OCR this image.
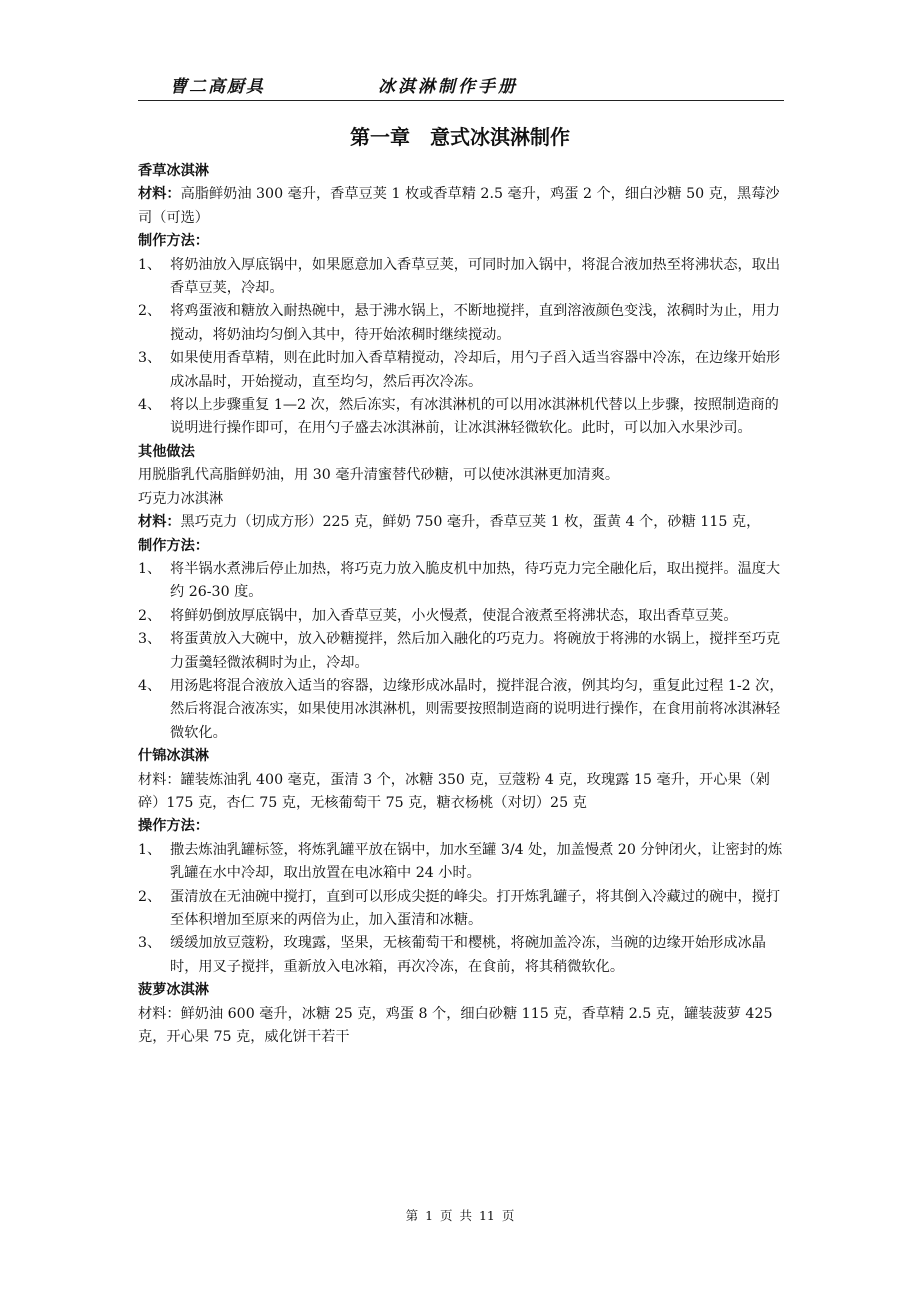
曹二高厨具	冰淇淋制作手册
第一章　意式冰淇淋制作

香草冰淇淋

材料：高脂鲜奶油 300 毫升，香草豆荚 1 枚或香草精 2.5 毫升，鸡蛋 2 个，细白沙糖 50 克，黑莓沙司（可选）

制作方法：

1、 将奶油放入厚底锅中，如果愿意加入香草豆荚，可同时加入锅中，将混合液加热至将沸状态，取出香草豆荚，冷却。
2、 将鸡蛋液和糖放入耐热碗中，悬于沸水锅上，不断地搅拌，直到溶液颜色变浅，浓稠时为止，用力搅动，将奶油均匀倒入其中，待开始浓稠时继续搅动。
3、 如果使用香草精，则在此时加入香草精搅动，冷却后，用勺子舀入适当容器中冷冻，在边缘开始形成冰晶时，开始搅动，直至均匀，然后再次冷冻。
4、 将以上步骤重复 1—2 次，然后冻实，有冰淇淋机的可以用冰淇淋机代替以上步骤，按照制造商的说明进行操作即可，在用勺子盛去冰淇淋前，让冰淇淋轻微软化。此时，可以加入水果沙司。

其他做法

用脱脂乳代高脂鲜奶油，用 30 毫升清蜜替代砂糖，可以使冰淇淋更加清爽。

巧克力冰淇淋

材料：黑巧克力（切成方形）225 克，鲜奶 750 毫升，香草豆荚 1 枚，蛋黄 4 个，砂糖 115 克，

制作方法：

1、 将半锅水煮沸后停止加热，将巧克力放入脆皮机中加热，待巧克力完全融化后，取出搅拌。温度大约 26-30 度。
2、 将鲜奶倒放厚底锅中，加入香草豆荚，小火慢煮，使混合液煮至将沸状态，取出香草豆荚。
3、 将蛋黄放入大碗中，放入砂糖搅拌，然后加入融化的巧克力。将碗放于将沸的水锅上，搅拌至巧克力蛋羹轻微浓稠时为止，冷却。
4、 用汤匙将混合液放入适当的容器，边缘形成冰晶时，搅拌混合液，例其均匀，重复此过程 1-2 次，然后将混合液冻实，如果使用冰淇淋机，则需要按照制造商的说明进行操作，在食用前将冰淇淋轻微软化。

什锦冰淇淋

材料：罐装炼油乳 400 毫克，蛋清 3 个，冰糖 350 克，豆蔻粉 4 克，玫瑰露 15 毫升，开心果（剁碎）175 克，杏仁 75 克，无核葡萄干 75 克，糖衣杨桃（对切）25 克

操作方法：

1、 撒去炼油乳罐标签，将炼乳罐平放在锅中，加水至罐 3/4 处，加盖慢煮 20 分钟闭火，让密封的炼乳罐在水中冷却，取出放置在电冰箱中 24 小时。
2、 蛋清放在无油碗中搅打，直到可以形成尖挺的峰尖。打开炼乳罐子，将其倒入冷藏过的碗中，搅打至体积增加至原来的两倍为止，加入蛋清和冰糖。
3、 缓缓加放豆蔻粉，玫瑰露，坚果，无核葡萄干和樱桃，将碗加盖冷冻，当碗的边缘开始形成冰晶时，用叉子搅拌，重新放入电冰箱，再次冷冻，在食前，将其稍微软化。

菠萝冰淇淋

材料：鲜奶油 600 毫升，冰糖 25 克，鸡蛋 8 个，细白砂糖 115 克，香草精 2.5 克，罐装菠萝 425 克，开心果 75 克，威化饼干若干

第 1 页 共 11 页
